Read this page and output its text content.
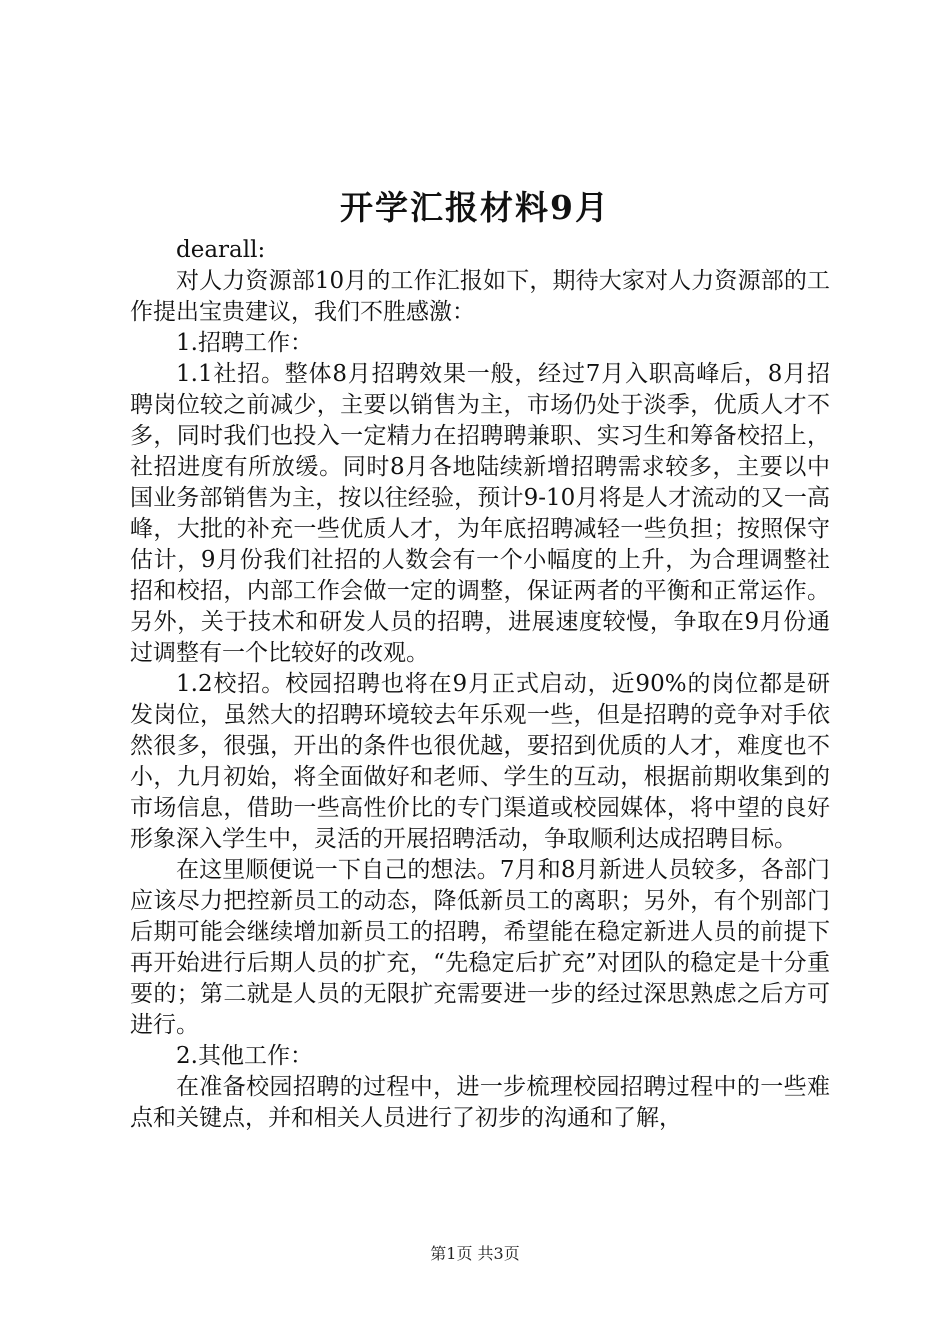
开学汇报材料9月

dearall:

对人力资源部10月的工作汇报如下，期待大家对人力资源部的工作提出宝贵建议，我们不胜感激：

1.招聘工作：

1.1社招。整体8月招聘效果一般，经过7月入职高峰后，8月招聘岗位较之前减少，主要以销售为主，市场仍处于淡季，优质人才不多，同时我们也投入一定精力在招聘聘兼职、实习生和筹备校招上，社招进度有所放缓。同时8月各地陆续新增招聘需求较多，主要以中国业务部销售为主，按以往经验，预计9-10月将是人才流动的又一高峰，大批的补充一些优质人才，为年底招聘减轻一些负担；按照保守估计，9月份我们社招的人数会有一个小幅度的上升，为合理调整社招和校招，内部工作会做一定的调整，保证两者的平衡和正常运作。另外，关于技术和研发人员的招聘，进展速度较慢，争取在9月份通过调整有一个比较好的改观。

1.2校招。校园招聘也将在9月正式启动，近90%的岗位都是研发岗位，虽然大的招聘环境较去年乐观一些，但是招聘的竞争对手依然很多，很强，开出的条件也很优越，要招到优质的人才，难度也不小，九月初始，将全面做好和老师、学生的互动，根据前期收集到的市场信息，借助一些高性价比的专门渠道或校园媒体，将中望的良好形象深入学生中，灵活的开展招聘活动，争取顺利达成招聘目标。

在这里顺便说一下自己的想法。7月和8月新进人员较多，各部门应该尽力把控新员工的动态，降低新员工的离职；另外，有个别部门后期可能会继续增加新员工的招聘，希望能在稳定新进人员的前提下再开始进行后期人员的扩充，“先稳定后扩充”对团队的稳定是十分重要的；第二就是人员的无限扩充需要进一步的经过深思熟虑之后方可进行。

2.其他工作：

在准备校园招聘的过程中，进一步梳理校园招聘过程中的一些难点和关键点，并和相关人员进行了初步的沟通和了解，

第1页 共3页
